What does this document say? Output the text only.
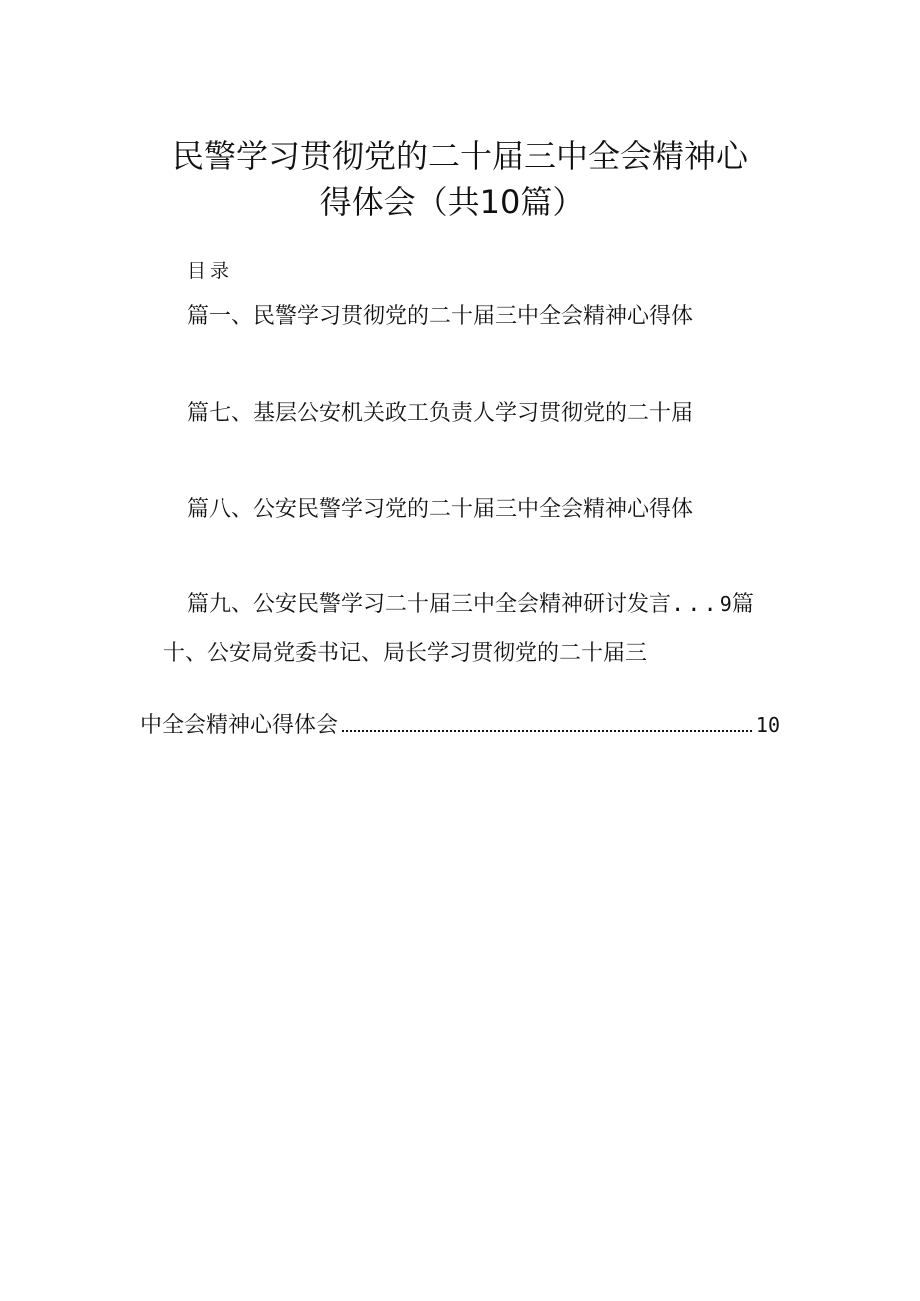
民警学习贯彻党的二十届三中全会精神心
得体会（共10篇）
目录
篇一、民警学习贯彻党的二十届三中全会精神心得体
篇七、基层公安机关政工负责人学习贯彻党的二十届
篇八、公安民警学习党的二十届三中全会精神心得体
篇九、公安民警学习二十届三中全会精神研讨发言...9篇
十、公安局党委书记、局长学习贯彻党的二十届三
中全会精神心得体会	10
